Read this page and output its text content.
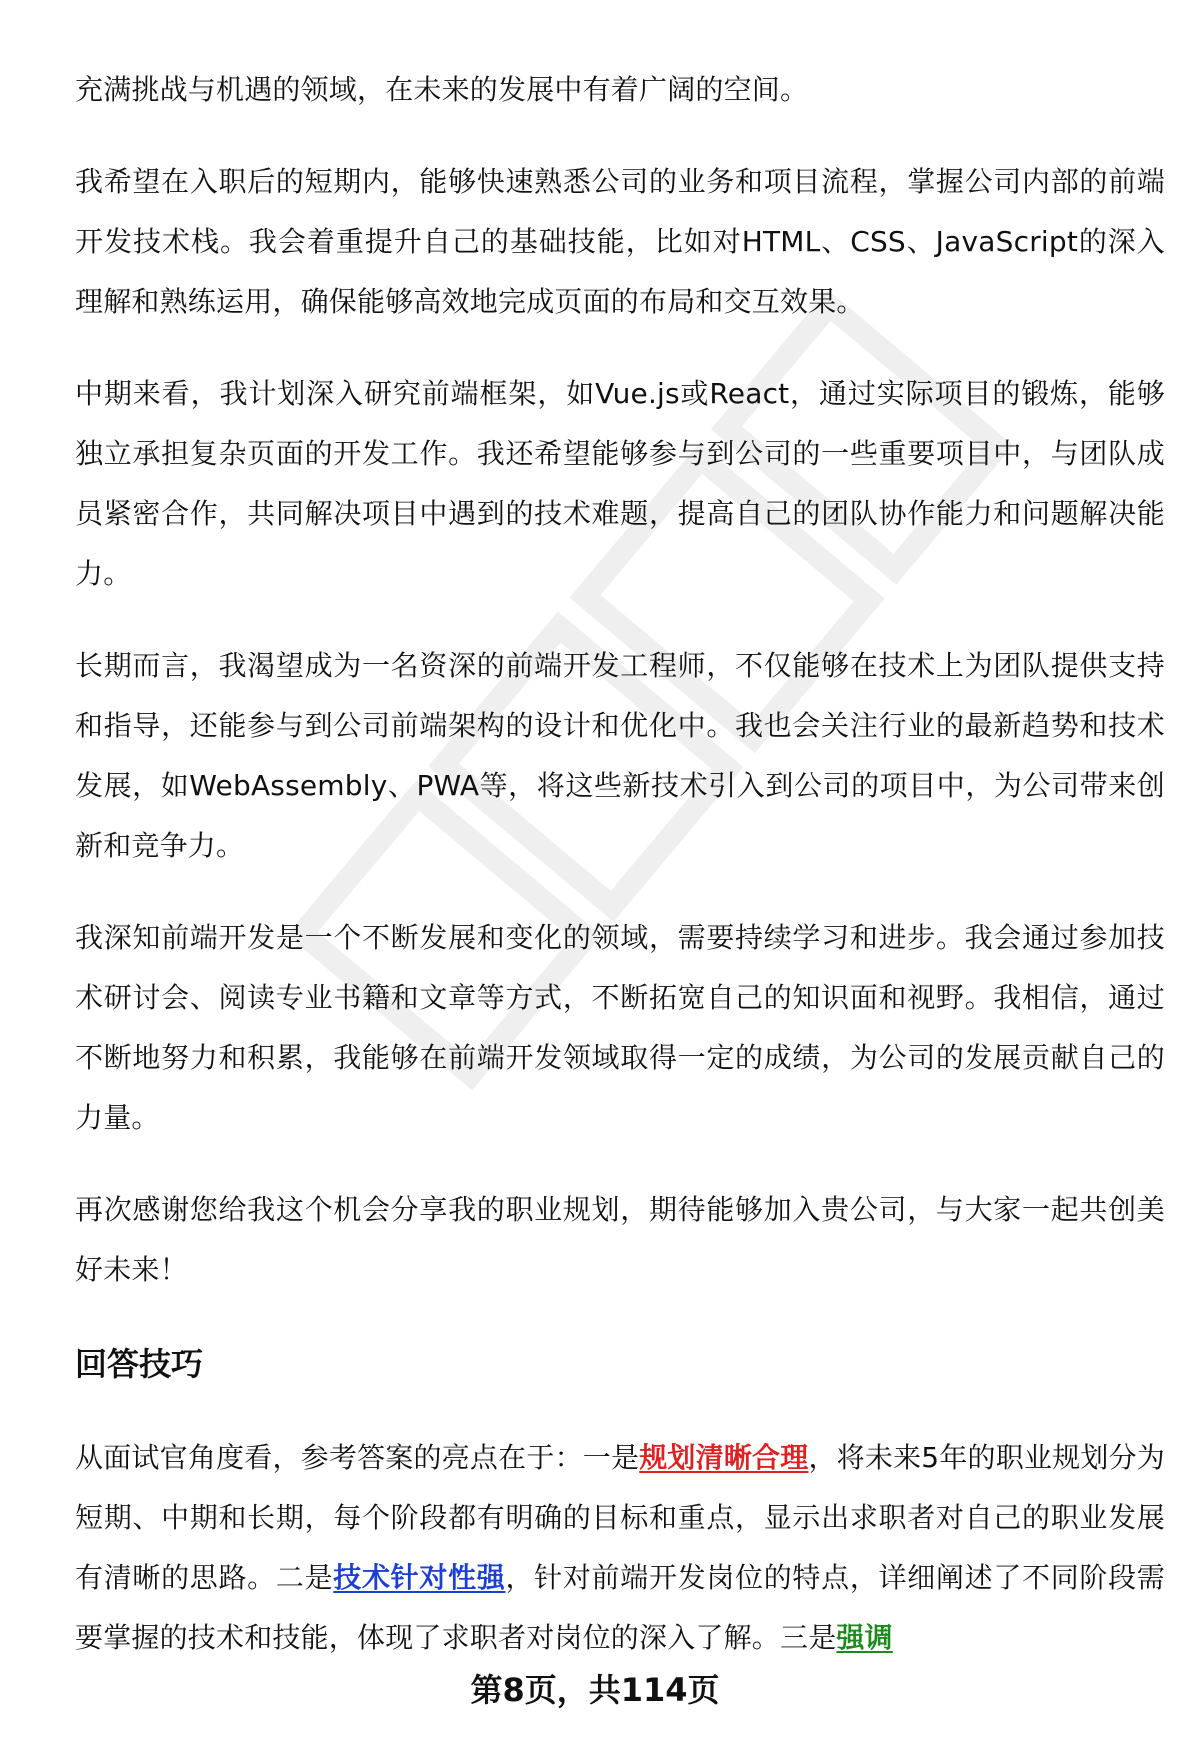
充满挑战与机遇的领域，在未来的发展中有着广阔的空间。

我希望在入职后的短期内，能够快速熟悉公司的业务和项目流程，掌握公司内部的前端开发技术栈。我会着重提升自己的基础技能，比如对HTML、CSS、JavaScript的深入理解和熟练运用，确保能够高效地完成页面的布局和交互效果。

中期来看，我计划深入研究前端框架，如Vue.js或React，通过实际项目的锻炼，能够独立承担复杂页面的开发工作。我还希望能够参与到公司的一些重要项目中，与团队成员紧密合作，共同解决项目中遇到的技术难题，提高自己的团队协作能力和问题解决能力。

长期而言，我渴望成为一名资深的前端开发工程师，不仅能够在技术上为团队提供支持和指导，还能参与到公司前端架构的设计和优化中。我也会关注行业的最新趋势和技术发展，如WebAssembly、PWA等，将这些新技术引入到公司的项目中，为公司带来创新和竞争力。

我深知前端开发是一个不断发展和变化的领域，需要持续学习和进步。我会通过参加技术研讨会、阅读专业书籍和文章等方式，不断拓宽自己的知识面和视野。我相信，通过不断地努力和积累，我能够在前端开发领域取得一定的成绩，为公司的发展贡献自己的力量。

再次感谢您给我这个机会分享我的职业规划，期待能够加入贵公司，与大家一起共创美好未来！

回答技巧

从面试官角度看，参考答案的亮点在于：一是规划清晰合理，将未来5年的职业规划分为短期、中期和长期，每个阶段都有明确的目标和重点，显示出求职者对自己的职业发展有清晰的思路。二是技术针对性强，针对前端开发岗位的特点，详细阐述了不同阶段需要掌握的技术和技能，体现了求职者对岗位的深入了解。三是强调

第8页，共114页
